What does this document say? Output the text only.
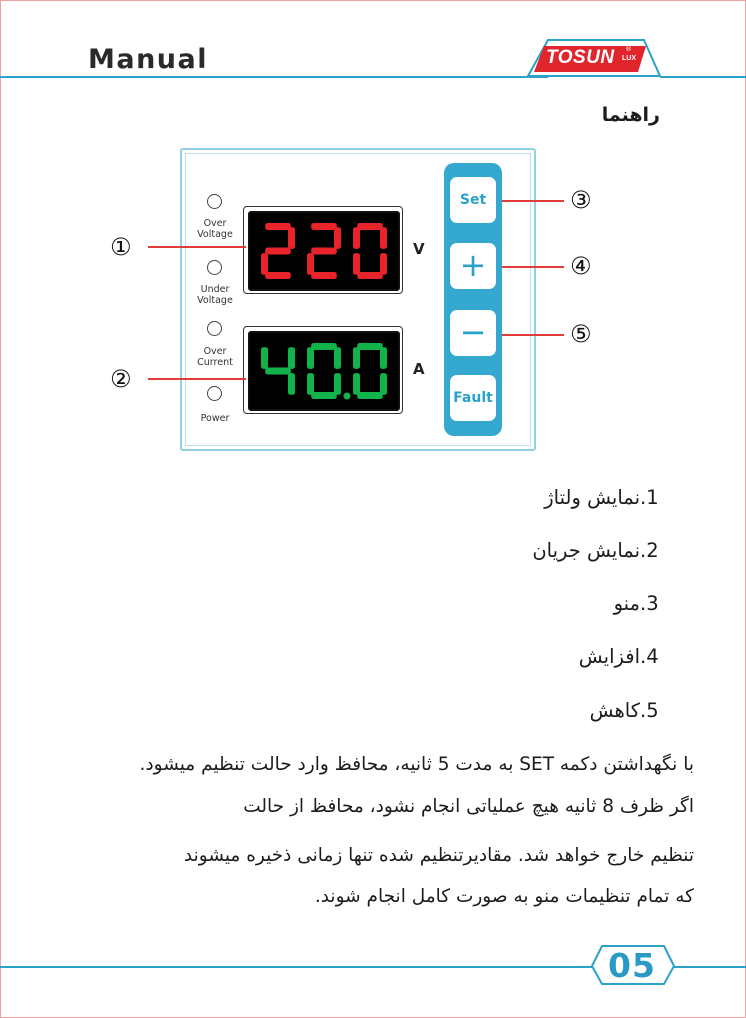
Manual	TOSUN LUX
®
راهنما
Over
Voltage
Under
Voltage
Over
Current
Power
V
A
Set
+
−
Fault
①
②
③
④
⑤
.1نمایش ولتاژ
.2نمایش جریان
.3منو
.4افزایش
.5کاهش
با نگهداشتن دکمه SET به مدت 5 ثانیه، محافظ وارد حالت تنظیم میشود.
اگر ظرف 8 ثانیه هیچ عملیاتی انجام نشود، محافظ از حالت
تنظیم خارج خواهد شد. مقادیرتنظیم شده تنها زمانی ذخیره میشوند
که تمام تنظیمات منو به صورت کامل انجام شوند.
05
